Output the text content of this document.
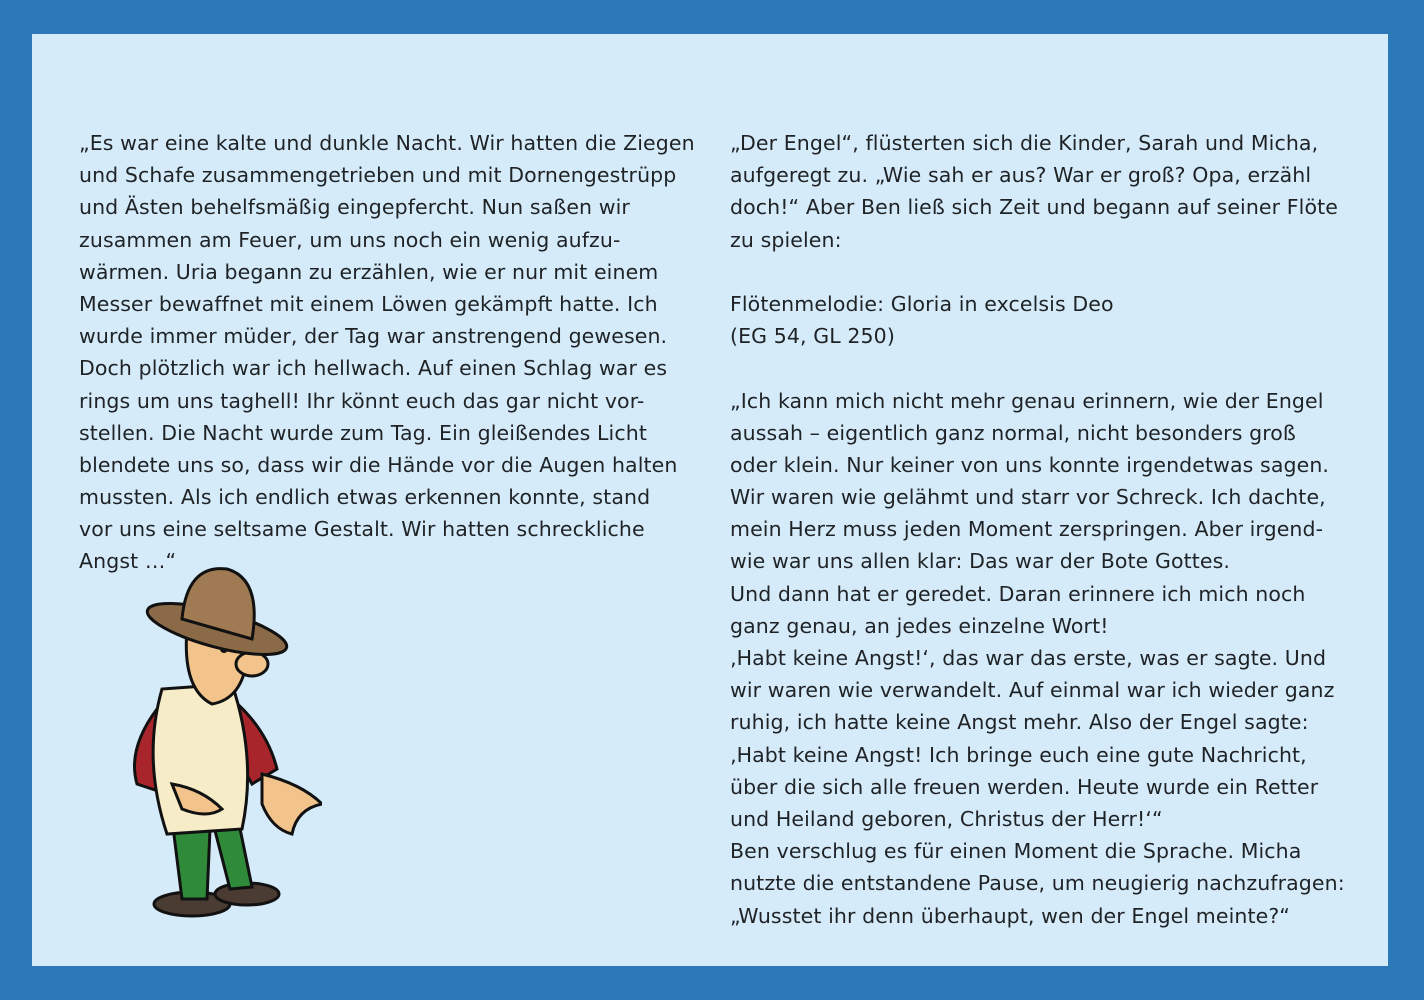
„Es war eine kalte und dunkle Nacht. Wir hatten die Ziegen
und Schafe zusammengetrieben und mit Dornengestrüpp
und Ästen behelfsmäßig eingepfercht. Nun saßen wir
zusammen am Feuer, um uns noch ein wenig aufzu-
wärmen. Uria begann zu erzählen, wie er nur mit einem
Messer bewaffnet mit einem Löwen gekämpft hatte. Ich
wurde immer müder, der Tag war anstrengend gewesen.
Doch plötzlich war ich hellwach. Auf einen Schlag war es
rings um uns taghell! Ihr könnt euch das gar nicht vor-
stellen. Die Nacht wurde zum Tag. Ein gleißendes Licht
blendete uns so, dass wir die Hände vor die Augen halten
mussten. Als ich endlich etwas erkennen konnte, stand
vor uns eine seltsame Gestalt. Wir hatten schreckliche
Angst …“
„Der Engel“, flüsterten sich die Kinder, Sarah und Micha,
aufgeregt zu. „Wie sah er aus? War er groß? Opa, erzähl
doch!“ Aber Ben ließ sich Zeit und begann auf seiner Flöte
zu spielen:
Flötenmelodie: Gloria in excelsis Deo
(EG 54, GL 250)
„Ich kann mich nicht mehr genau erinnern, wie der Engel
aussah – eigentlich ganz normal, nicht besonders groß
oder klein. Nur keiner von uns konnte irgendetwas sagen.
Wir waren wie gelähmt und starr vor Schreck. Ich dachte,
mein Herz muss jeden Moment zerspringen. Aber irgend-
wie war uns allen klar: Das war der Bote Gottes.
Und dann hat er geredet. Daran erinnere ich mich noch
ganz genau, an jedes einzelne Wort!
‚Habt keine Angst!‘, das war das erste, was er sagte. Und
wir waren wie verwandelt. Auf einmal war ich wieder ganz
ruhig, ich hatte keine Angst mehr. Also der Engel sagte:
‚Habt keine Angst! Ich bringe euch eine gute Nachricht,
über die sich alle freuen werden. Heute wurde ein Retter
und Heiland geboren, Christus der Herr!‘“
Ben verschlug es für einen Moment die Sprache. Micha
nutzte die entstandene Pause, um neugierig nachzufragen:
„Wusstet ihr denn überhaupt, wen der Engel meinte?“
